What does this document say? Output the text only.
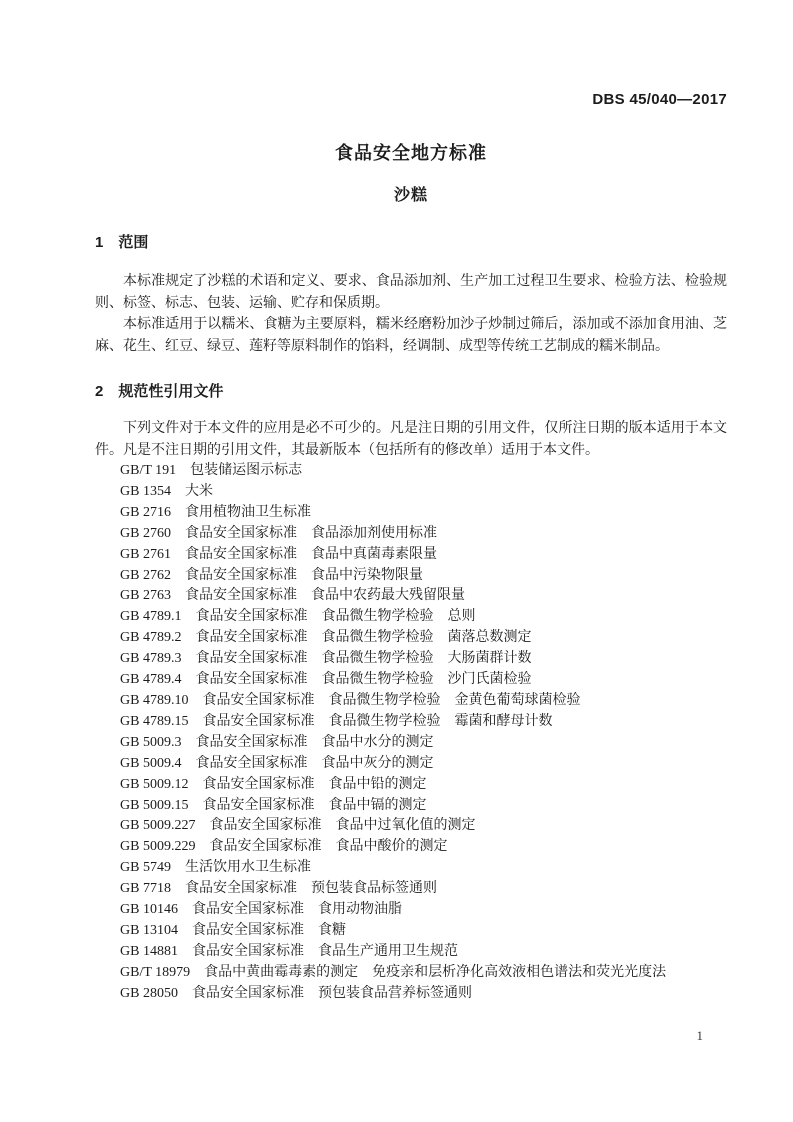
DBS 45/040—2017
食品安全地方标准
沙糕
1 范围
本标准规定了沙糕的术语和定义、要求、食品添加剂、生产加工过程卫生要求、检验方法、检验规则、标签、标志、包装、运输、贮存和保质期。
本标准适用于以糯米、食糖为主要原料，糯米经磨粉加沙子炒制过筛后，添加或不添加食用油、芝麻、花生、红豆、绿豆、莲籽等原料制作的馅料，经调制、成型等传统工艺制成的糯米制品。
2 规范性引用文件
下列文件对于本文件的应用是必不可少的。凡是注日期的引用文件，仅所注日期的版本适用于本文件。凡是不注日期的引用文件，其最新版本（包括所有的修改单）适用于本文件。
GB/T 191　包装储运图示标志
GB 1354　大米
GB 2716　食用植物油卫生标准
GB 2760　食品安全国家标准　食品添加剂使用标准
GB 2761　食品安全国家标准　食品中真菌毒素限量
GB 2762　食品安全国家标准　食品中污染物限量
GB 2763　食品安全国家标准　食品中农药最大残留限量
GB 4789.1　食品安全国家标准　食品微生物学检验　总则
GB 4789.2　食品安全国家标准　食品微生物学检验　菌落总数测定
GB 4789.3　食品安全国家标准　食品微生物学检验　大肠菌群计数
GB 4789.4　食品安全国家标准　食品微生物学检验　沙门氏菌检验
GB 4789.10　食品安全国家标准　食品微生物学检验　金黄色葡萄球菌检验
GB 4789.15　食品安全国家标准　食品微生物学检验　霉菌和酵母计数
GB 5009.3　食品安全国家标准　食品中水分的测定
GB 5009.4　食品安全国家标准　食品中灰分的测定
GB 5009.12　食品安全国家标准　食品中铅的测定
GB 5009.15　食品安全国家标准　食品中镉的测定
GB 5009.227　食品安全国家标准　食品中过氧化值的测定
GB 5009.229　食品安全国家标准　食品中酸价的测定
GB 5749　生活饮用水卫生标准
GB 7718　食品安全国家标准　预包装食品标签通则
GB 10146　食品安全国家标准　食用动物油脂
GB 13104　食品安全国家标准　食糖
GB 14881　食品安全国家标准　食品生产通用卫生规范
GB/T 18979　食品中黄曲霉毒素的测定　免疫亲和层析净化高效液相色谱法和荧光光度法
GB 28050　食品安全国家标准　预包装食品营养标签通则
1
